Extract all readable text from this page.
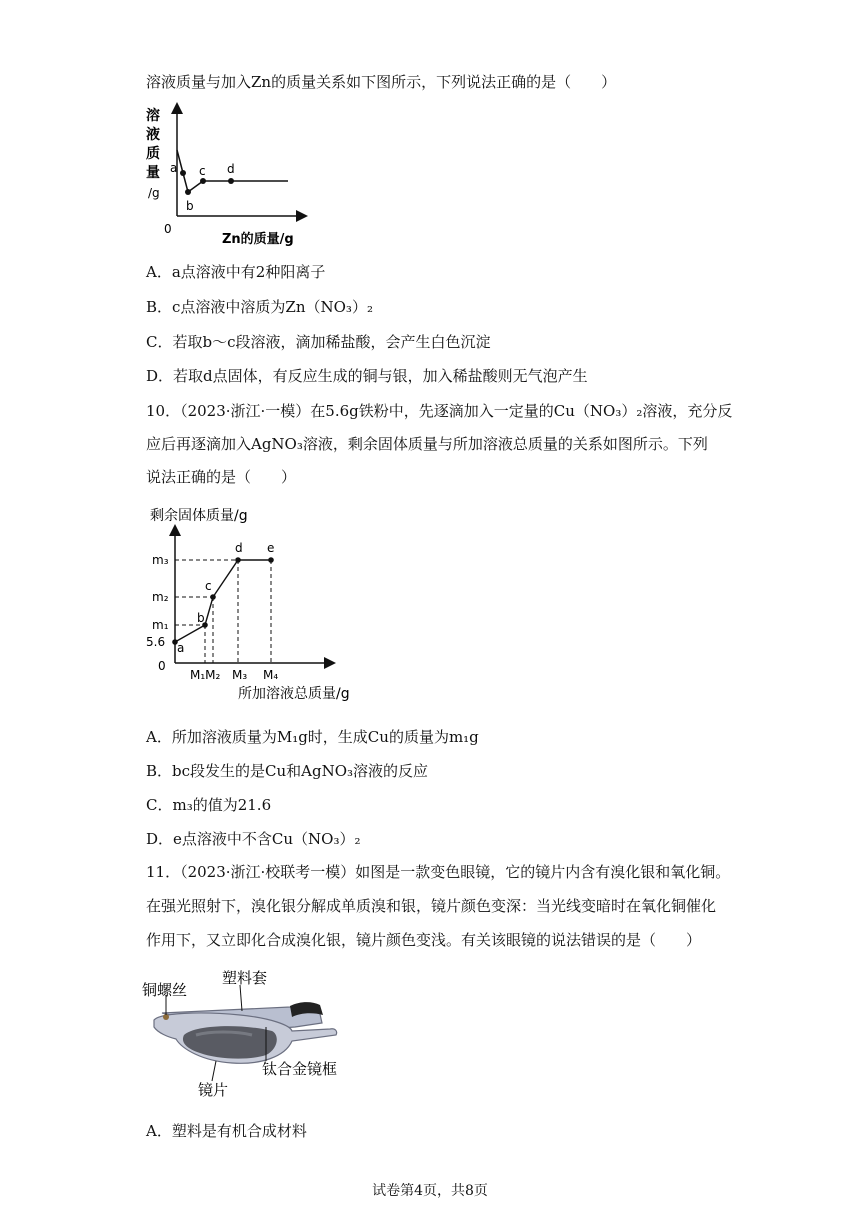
溶液质量与加入Zn的质量关系如下图所示，下列说法正确的是（　　）
溶
液
质
量
/g
0
Zn的质量/g
a
b
c d
A．a点溶液中有2种阳离子
B．c点溶液中溶质为Zn（NO₃）₂
C．若取b～c段溶液，滴加稀盐酸，会产生白色沉淀
D．若取d点固体，有反应生成的铜与银，加入稀盐酸则无气泡产生
10．（2023·浙江·一模）在5.6g铁粉中，先逐滴加入一定量的Cu（NO₃）₂溶液，充分反
应后再逐滴加入AgNO₃溶液，剩余固体质量与所加溶液总质量的关系如图所示。下列
说法正确的是（　　）
剩余固体质量/g
a
b
c
d e
m₃
m₂
m₁
5.6
0
M₁M₂ M₃ M₄
所加溶液总质量/g
A．所加溶液质量为M₁g时，生成Cu的质量为m₁g
B．bc段发生的是Cu和AgNO₃溶液的反应
C．m₃的值为21.6
D．e点溶液中不含Cu（NO₃）₂
11．（2023·浙江·校联考一模）如图是一款变色眼镜，它的镜片内含有溴化银和氧化铜。
在强光照射下，溴化银分解成单质溴和银，镜片颜色变深：当光线变暗时在氧化铜催化
作用下，又立即化合成溴化银，镜片颜色变浅。有关该眼镜的说法错误的是（　　）
铜螺丝
塑料套
钛合金镜框
镜片
A．塑料是有机合成材料
试卷第4页，共8页
